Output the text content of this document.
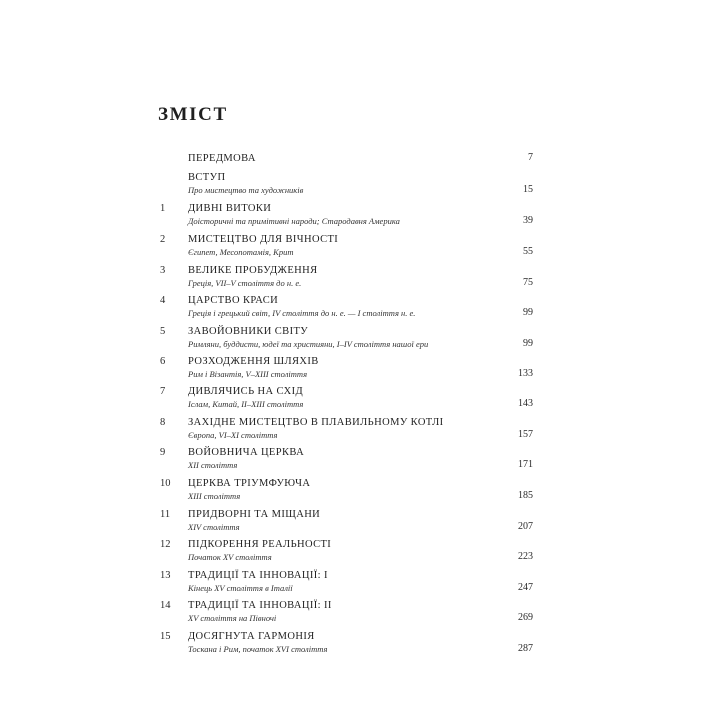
ЗМІСТ
ПЕРЕДМОВА	7
ВСТУП
Про мистецтво та художників	15
1 ДИВНІ ВИТОКИ
Доісторичні та примітивні народи; Стародавня Америка	39
2 МИСТЕЦТВО ДЛЯ ВІЧНОСТІ
Єгипет, Месопотамія, Крит	55
3 ВЕЛИКЕ ПРОБУДЖЕННЯ
Греція, VII–V століття до н. е.	75
4 ЦАРСТВО КРАСИ
Греція і грецький світ, IV століття до н. е. — I століття н. е.	99
5 ЗАВОЙОВНИКИ СВІТУ
Римляни, буддисти, юдеї та християни, I–IV століття нашої ери	99
6 РОЗХОДЖЕННЯ ШЛЯХІВ
Рим і Візантія, V–XIII століття	133
7 ДИВЛЯЧИСЬ НА СХІД
Іслам, Китай, II–XIII століття	143
8 ЗАХІДНЕ МИСТЕЦТВО В ПЛАВИЛЬНОМУ КОТЛІ
Європа, VI–XI століття	157
9 ВОЙОВНИЧА ЦЕРКВА
XII століття	171
10 ЦЕРКВА ТРІУМФУЮЧА
XIII століття	185
11 ПРИДВОРНІ ТА МІЩАНИ
XIV століття	207
12 ПІДКОРЕННЯ РЕАЛЬНОСТІ
Початок XV століття	223
13 ТРАДИЦІЇ ТА ІННОВАЦІЇ: I
Кінець XV століття в Італії	247
14 ТРАДИЦІЇ ТА ІННОВАЦІЇ: II
XV століття на Півночі	269
15 ДОСЯГНУТА ГАРМОНІЯ
Тоскана і Рим, початок XVI століття	287
